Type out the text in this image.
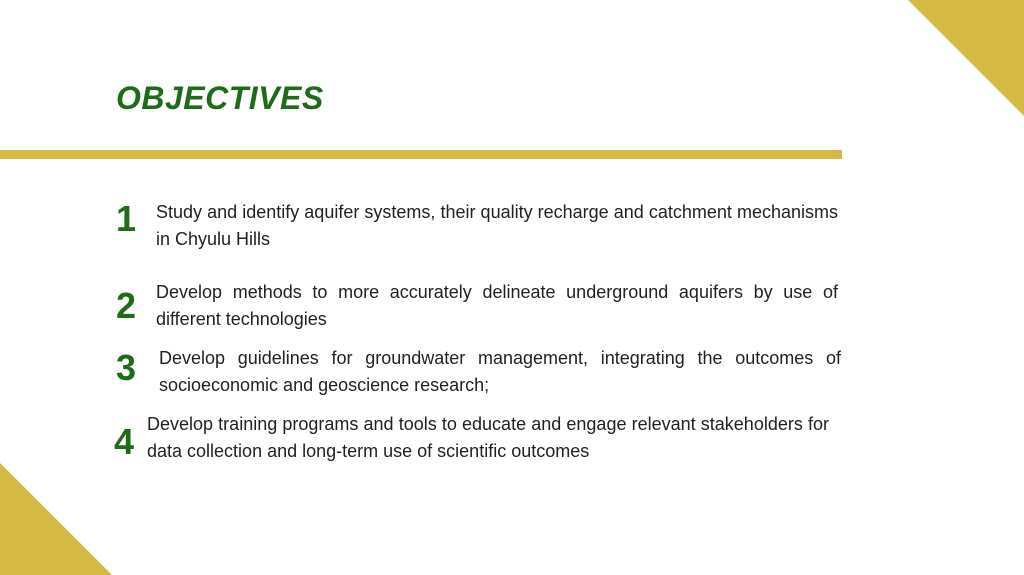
OBJECTIVES
1 Study and identify aquifer systems, their quality recharge and catchment mechanisms in Chyulu Hills
2 Develop methods to more accurately delineate underground aquifers by use of different technologies
3 Develop guidelines for groundwater management, integrating the outcomes of socioeconomic and geoscience research;
4 Develop training programs and tools to educate and engage relevant stakeholders for data collection and long-term use of scientific outcomes
